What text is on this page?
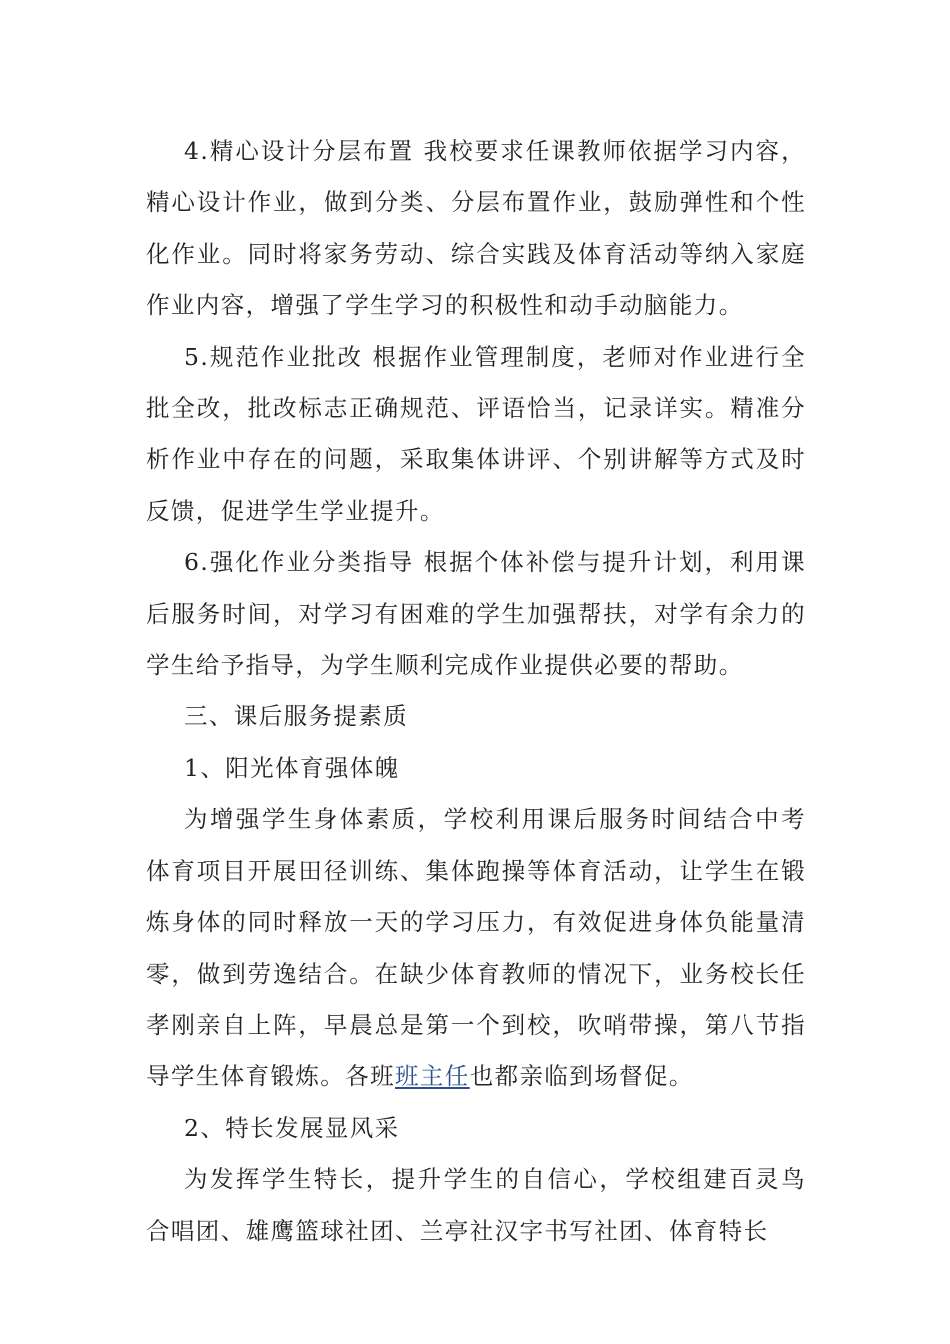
4.精心设计分层布置 我校要求任课教师依据学习内容，精心设计作业，做到分类、分层布置作业，鼓励弹性和个性化作业。同时将家务劳动、综合实践及体育活动等纳入家庭作业内容，增强了学生学习的积极性和动手动脑能力。

5.规范作业批改 根据作业管理制度，老师对作业进行全批全改，批改标志正确规范、评语恰当，记录详实。精准分析作业中存在的问题，采取集体讲评、个别讲解等方式及时反馈，促进学生学业提升。

6.强化作业分类指导 根据个体补偿与提升计划，利用课后服务时间，对学习有困难的学生加强帮扶，对学有余力的学生给予指导，为学生顺利完成作业提供必要的帮助。

三、课后服务提素质

1、阳光体育强体魄

为增强学生身体素质，学校利用课后服务时间结合中考体育项目开展田径训练、集体跑操等体育活动，让学生在锻炼身体的同时释放一天的学习压力，有效促进身体负能量清零，做到劳逸结合。在缺少体育教师的情况下，业务校长任孝刚亲自上阵，早晨总是第一个到校，吹哨带操，第八节指导学生体育锻炼。各班班主任也都亲临到场督促。

2、特长发展显风采

为发挥学生特长，提升学生的自信心，学校组建百灵鸟合唱团、雄鹰篮球社团、兰亭社汉字书写社团、体育特长
